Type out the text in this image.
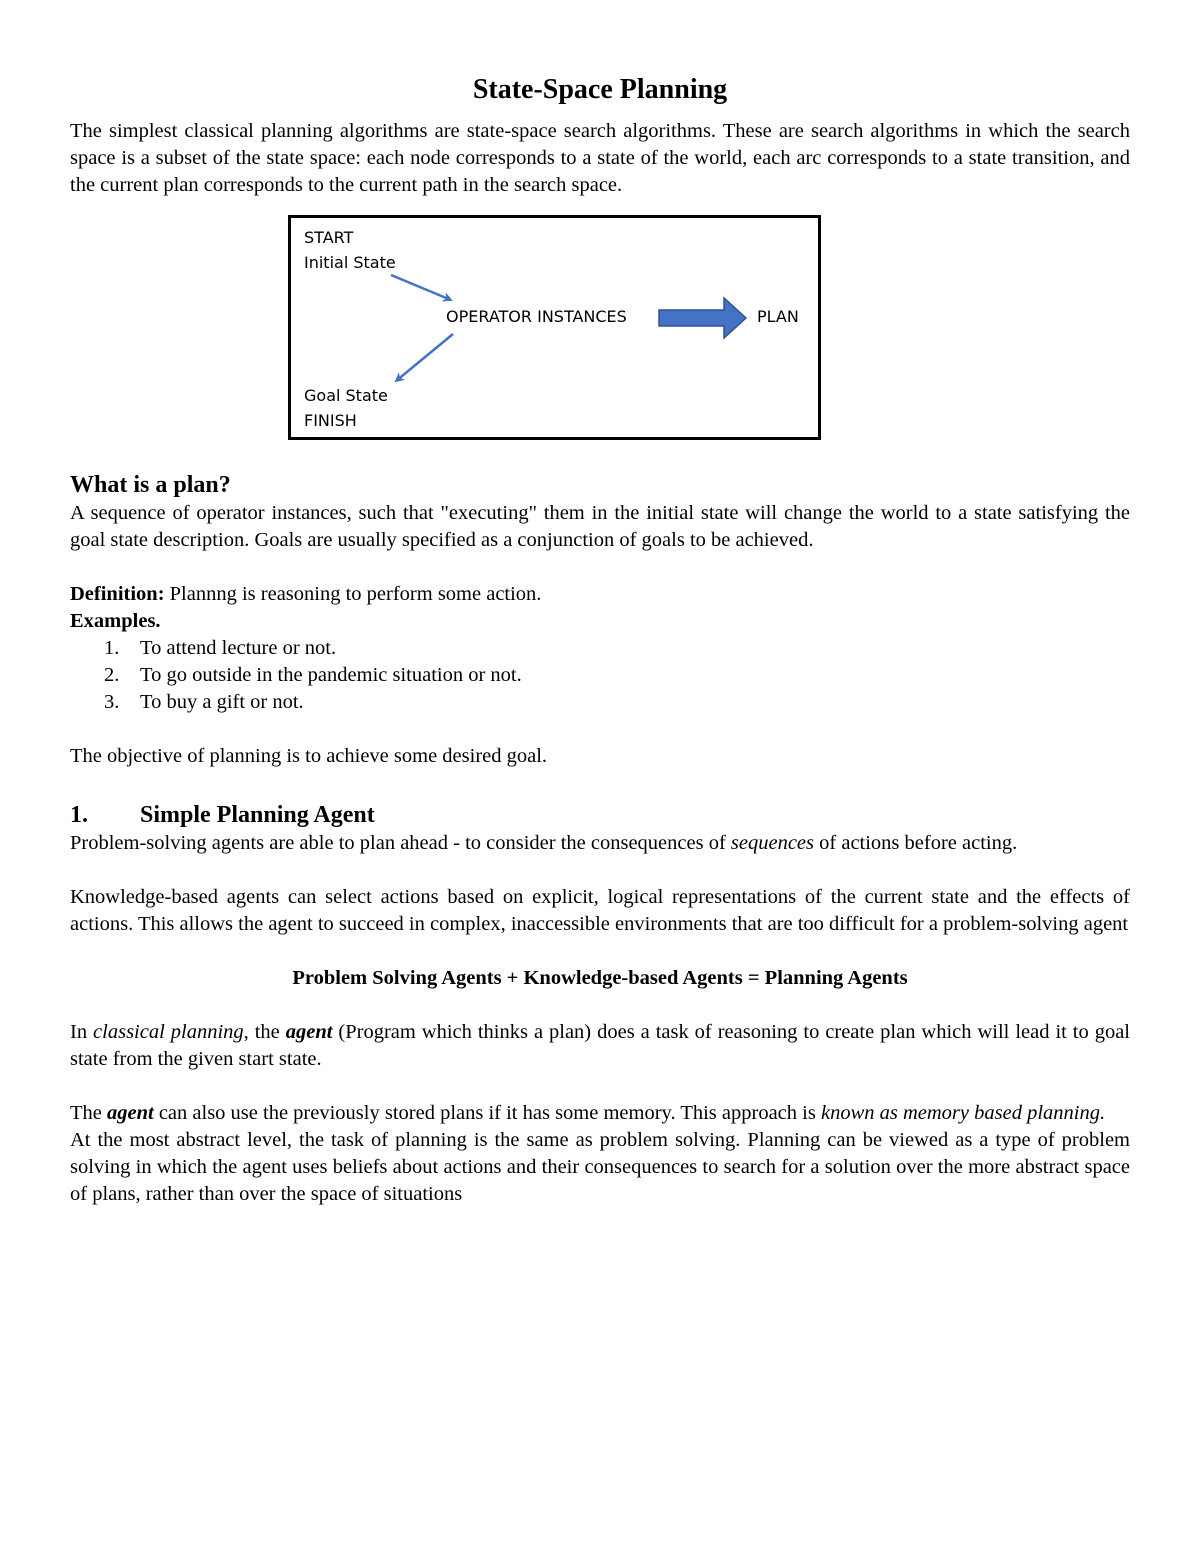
State-Space Planning

The simplest classical planning algorithms are state-space search algorithms. These are search algorithms in which the search space is a subset of the state space: each node corresponds to a state of the world, each arc corresponds to a state transition, and the current plan corresponds to the current path in the search space.

START
Initial State
OPERATOR INSTANCES	PLAN
Goal State
FINISH
What is a plan?

A sequence of operator instances, such that "executing" them in the initial state will change the world to a state satisfying the goal state description. Goals are usually specified as a conjunction of goals to be achieved.

Definition: Plannng is reasoning to perform some action.

Examples.

1. To attend lecture or not.
2. To go outside in the pandemic situation or not.
3. To buy a gift or not.

The objective of planning is to achieve some desired goal.

1. Simple Planning Agent

Problem-solving agents are able to plan ahead - to consider the consequences of sequences of actions before acting.

Knowledge-based agents can select actions based on explicit, logical representations of the current state and the effects of actions. This allows the agent to succeed in complex, inaccessible environments that are too difficult for a problem-solving agent

Problem Solving Agents + Knowledge-based Agents = Planning Agents

In classical planning, the agent (Program which thinks a plan) does a task of reasoning to create plan which will lead it to goal state from the given start state.

The agent can also use the previously stored plans if it has some memory. This approach is known as memory based planning.

At the most abstract level, the task of planning is the same as problem solving. Planning can be viewed as a type of problem solving in which the agent uses beliefs about actions and their consequences to search for a solution over the more abstract space of plans, rather than over the space of situations
